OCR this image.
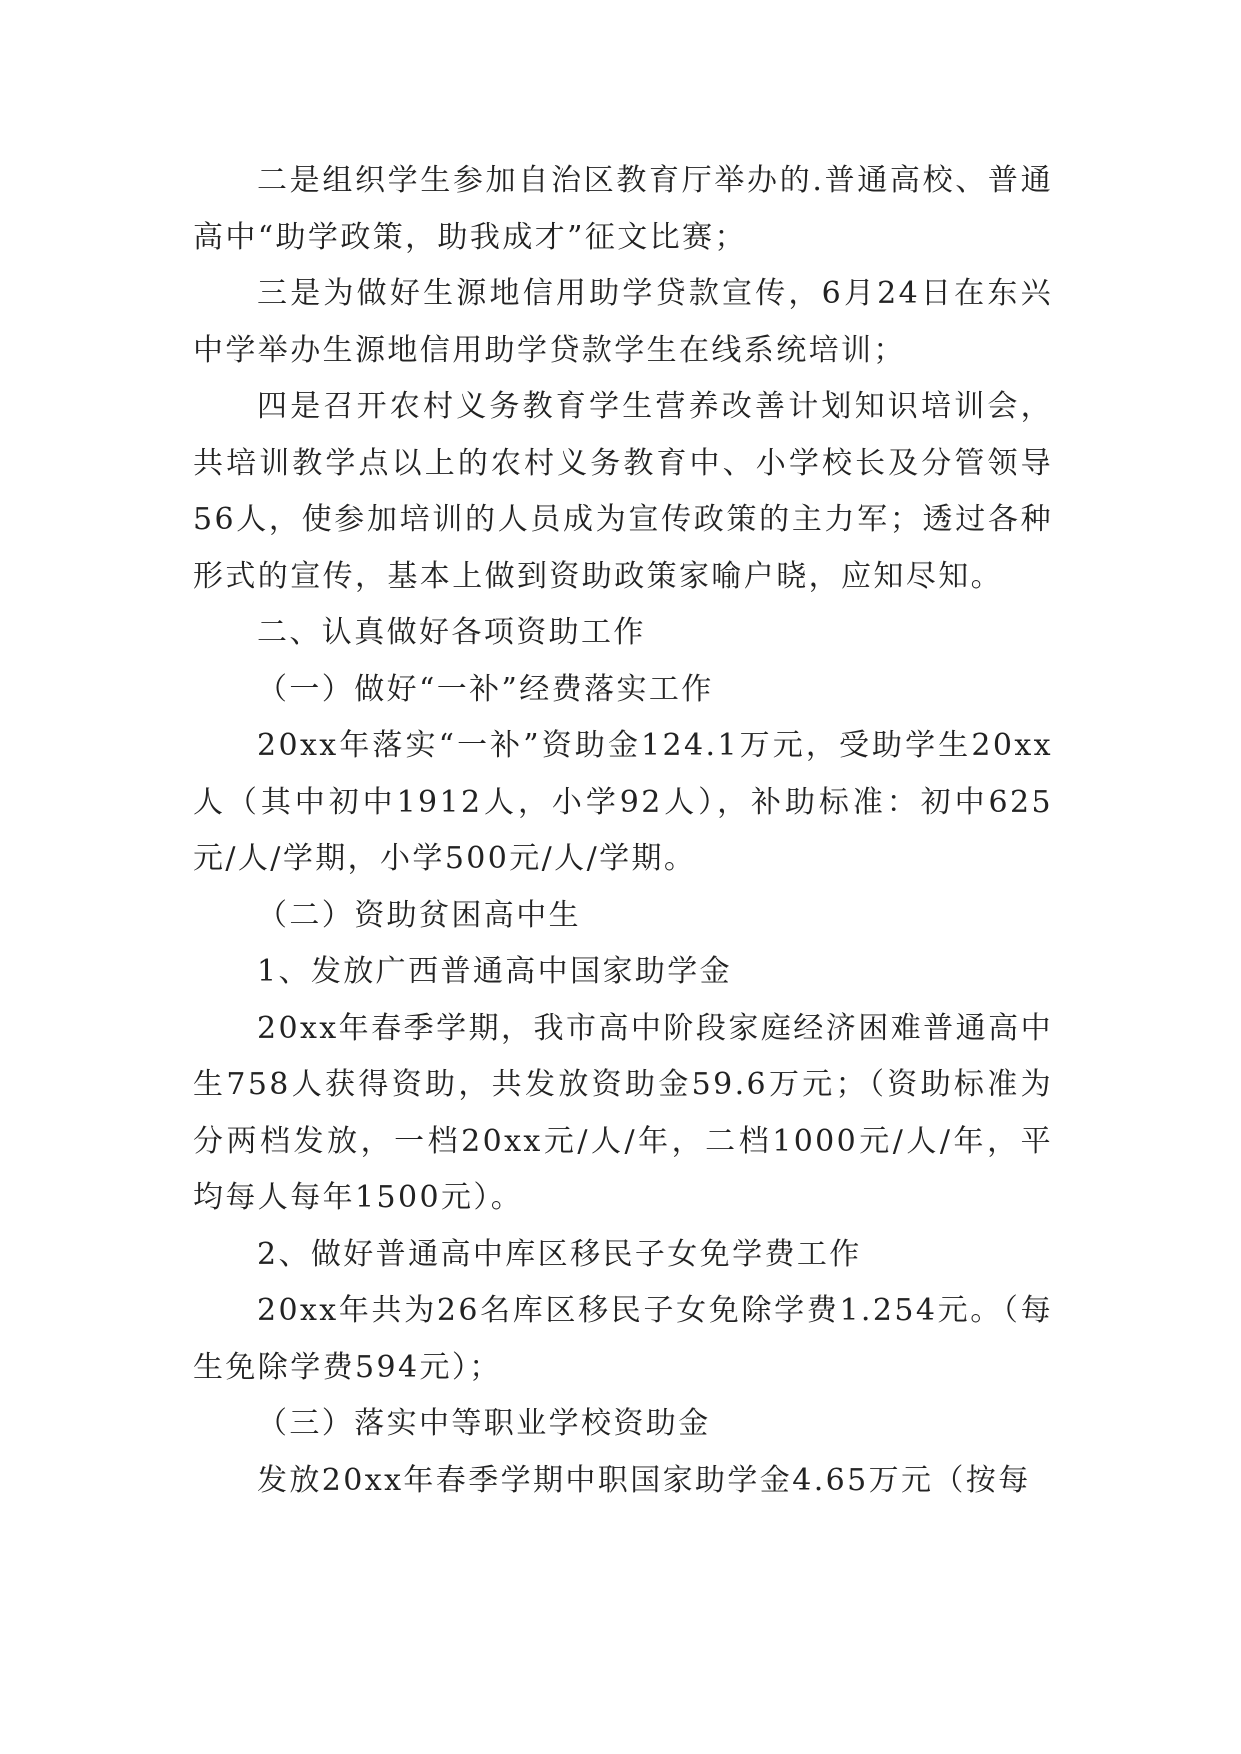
二是组织学生参加自治区教育厅举办的.普通高校、普通高中“助学政策，助我成才”征文比赛；

三是为做好生源地信用助学贷款宣传，6月24日在东兴中学举办生源地信用助学贷款学生在线系统培训；

四是召开农村义务教育学生营养改善计划知识培训会，共培训教学点以上的农村义务教育中、小学校长及分管领导56人，使参加培训的人员成为宣传政策的主力军；透过各种形式的宣传，基本上做到资助政策家喻户晓，应知尽知。

二、认真做好各项资助工作

（一）做好“一补”经费落实工作

20xx年落实“一补”资助金124.1万元，受助学生20xx人（其中初中1912人，小学92人），补助标准：初中625元/人/学期，小学500元/人/学期。

（二）资助贫困高中生

1、发放广西普通高中国家助学金

20xx年春季学期，我市高中阶段家庭经济困难普通高中生758人获得资助，共发放资助金59.6万元；（资助标准为分两档发放，一档20xx元/人/年，二档1000元/人/年，平均每人每年1500元）。

2、做好普通高中库区移民子女免学费工作

20xx年共为26名库区移民子女免除学费1.254元。（每生免除学费594元）；

（三）落实中等职业学校资助金

发放20xx年春季学期中职国家助学金4.65万元（按每
